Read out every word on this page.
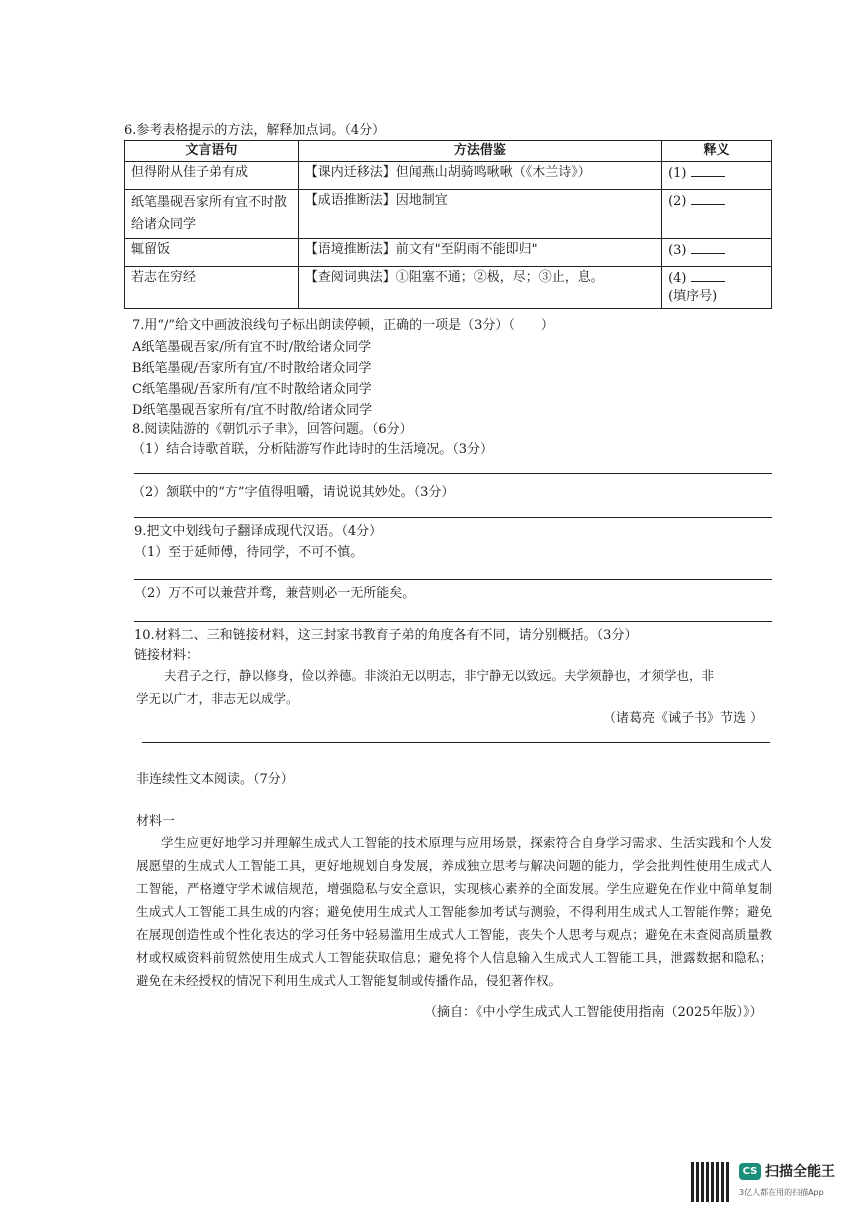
6.参考表格提示的方法，解释加点词。（4分）
文言语句	方法借鉴	释义
但得附从佳子弟有成	【课内迁移法】但闻燕山胡骑鸣啾啾（《木兰诗》）	(1)
纸笔墨砚吾家所有宜不时散给诸众同学	【成语推断法】因地制宜	(2)
辄留饭	【语境推断法】前文有"至阴雨不能即归"	(3)
若志在穷经	【查阅词典法】①阻塞不通；②极，尽；③止，息。	(4)
(填序号)
7.用“/”给文中画波浪线句子标出朗读停顿，正确的一项是（3分）（　　）
A纸笔墨砚吾家/所有宜不时/散给诸众同学
B纸笔墨砚/吾家所有宜/不时散给诸众同学
C纸笔墨砚/吾家所有/宜不时散给诸众同学
D纸笔墨砚吾家所有/宜不时散/给诸众同学
8.阅读陆游的《朝饥示子聿》，回答问题。（6分）
（1）结合诗歌首联，分析陆游写作此诗时的生活境况。（3分）
（2）颔联中的“方”字值得咀嚼，请说说其妙处。（3分）
9.把文中划线句子翻译成现代汉语。（4分）
（1）至于延师傅，待同学，不可不慎。
（2）万不可以兼营并骛，兼营则必一无所能矣。
10.材料二、三和链接材料，这三封家书教育子弟的角度各有不同，请分别概括。（3分）
链接材料：
夫君子之行，静以修身，俭以养德。非淡泊无以明志，非宁静无以致远。夫学须静也，才须学也，非
学无以广才，非志无以成学。
（诸葛亮《诫子书》节选 ）
非连续性文本阅读。（7分）
材料一
学生应更好地学习并理解生成式人工智能的技术原理与应用场景，探索符合自身学习需求、生活实践和个人发展愿望的生成式人工智能工具，更好地规划自身发展，养成独立思考与解决问题的能力，学会批判性使用生成式人工智能，严格遵守学术诚信规范，增强隐私与安全意识，实现核心素养的全面发展。学生应避免在作业中简单复制生成式人工智能工具生成的内容；避免使用生成式人工智能参加考试与测验，不得利用生成式人工智能作弊；避免在展现创造性或个性化表达的学习任务中轻易滥用生成式人工智能，丧失个人思考与观点；避免在未查阅高质量教材或权威资料前贸然使用生成式人工智能获取信息；避免将个人信息输入生成式人工智能工具，泄露数据和隐私；避免在未经授权的情况下利用生成式人工智能复制或传播作品，侵犯著作权。
（摘自：《中小学生成式人工智能使用指南（2025年版）》）
CS 扫描全能王
3亿人都在用的扫描App
